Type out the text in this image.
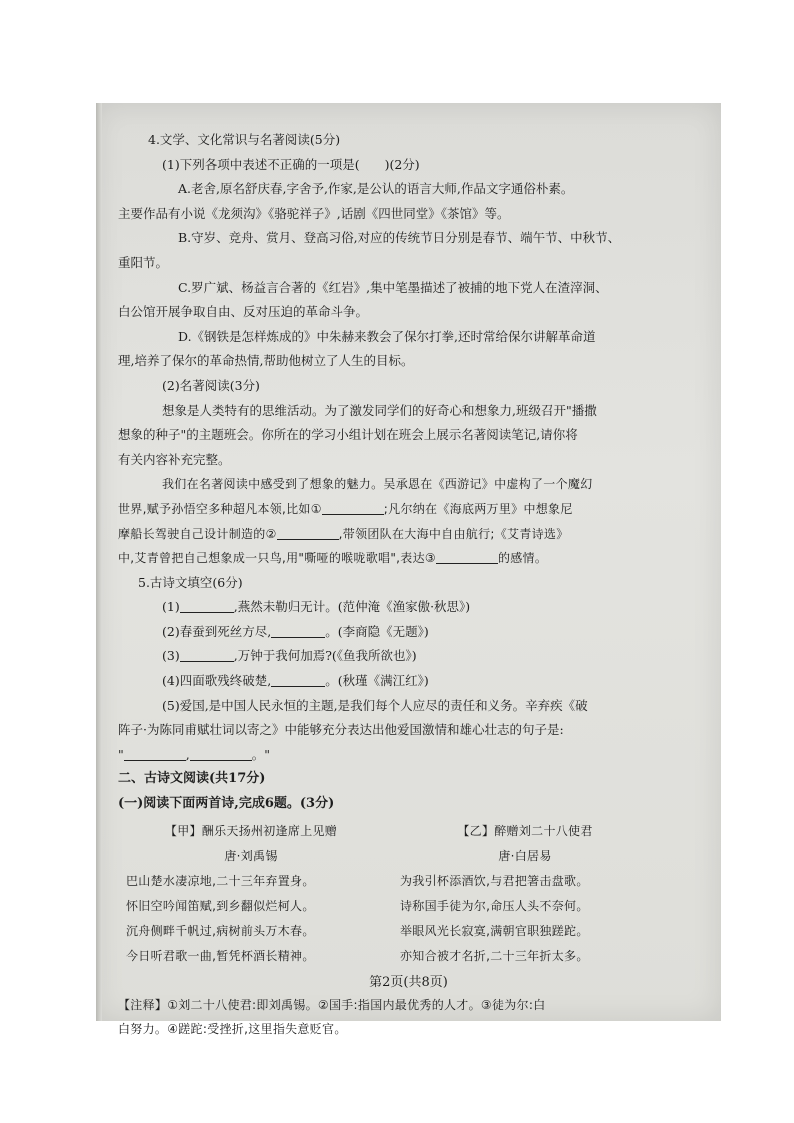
第2页(共8页)

4.文学、文化常识与名著阅读(5分)

(1)下列各项中表述不正确的一项是(　　)(2分)

A.老舍,原名舒庆春,字舍予,作家,是公认的语言大师,作品文字通俗朴素。

主要作品有小说《龙须沟》《骆驼祥子》,话剧《四世同堂》《茶馆》等。

B.守岁、竞舟、赏月、登高习俗,对应的传统节日分别是春节、端午节、中秋节、

重阳节。

C.罗广斌、杨益言合著的《红岩》,集中笔墨描述了被捕的地下党人在渣滓洞、

白公馆开展争取自由、反对压迫的革命斗争。

D.《钢铁是怎样炼成的》中朱赫来教会了保尔打拳,还时常给保尔讲解革命道

理,培养了保尔的革命热情,帮助他树立了人生的目标。

(2)名著阅读(3分)

想象是人类特有的思维活动。为了激发同学们的好奇心和想象力,班级召开"播撒

想象的种子"的主题班会。你所在的学习小组计划在班会上展示名著阅读笔记,请你将

有关内容补充完整。

我们在名著阅读中感受到了想象的魅力。吴承恩在《西游记》中虚构了一个魔幻

世界,赋予孙悟空多种超凡本领,比如①	;凡尔纳在《海底两万里》中想象尼

摩船长驾驶自己设计制造的②	,带领团队在大海中自由航行;《艾青诗选》

中,艾青曾把自己想象成一只鸟,用"嘶哑的喉咙歌唱",表达③	的感情。

5.古诗文填空(6分)

(1)	,燕然未勒归无计。(范仲淹《渔家傲·秋思》)

(2)春蚕到死丝方尽,	。(李商隐《无题》)

(3)	,万钟于我何加焉?(《鱼我所欲也》)

(4)四面歌残终破楚,	。(秋瑾《满江红》)

(5)爱国,是中国人民永恒的主题,是我们每个人应尽的责任和义务。辛弃疾《破

阵子·为陈同甫赋壮词以寄之》中能够充分表达出他爱国激情和雄心壮志的句子是:

"	,	。"

二、古诗文阅读(共17分)

(一)阅读下面两首诗,完成6题。(3分)

【甲】酬乐天扬州初逢席上见赠
唐·刘禹锡
巴山楚水凄凉地,二十三年弃置身。
怀旧空吟闻笛赋,到乡翻似烂柯人。
沉舟侧畔千帆过,病树前头万木春。
今日听君歌一曲,暂凭杯酒长精神。
【乙】醉赠刘二十八使君
唐·白居易
为我引杯添酒饮,与君把箸击盘歌。
诗称国手徒为尔,命压人头不奈何。
举眼风光长寂寞,满朝官职独蹉跎。
亦知合被才名折,二十三年折太多。

【注释】①刘二十八使君:即刘禹锡。②国手:指国内最优秀的人才。③徒为尔:白

白努力。④蹉跎:受挫折,这里指失意贬官。
